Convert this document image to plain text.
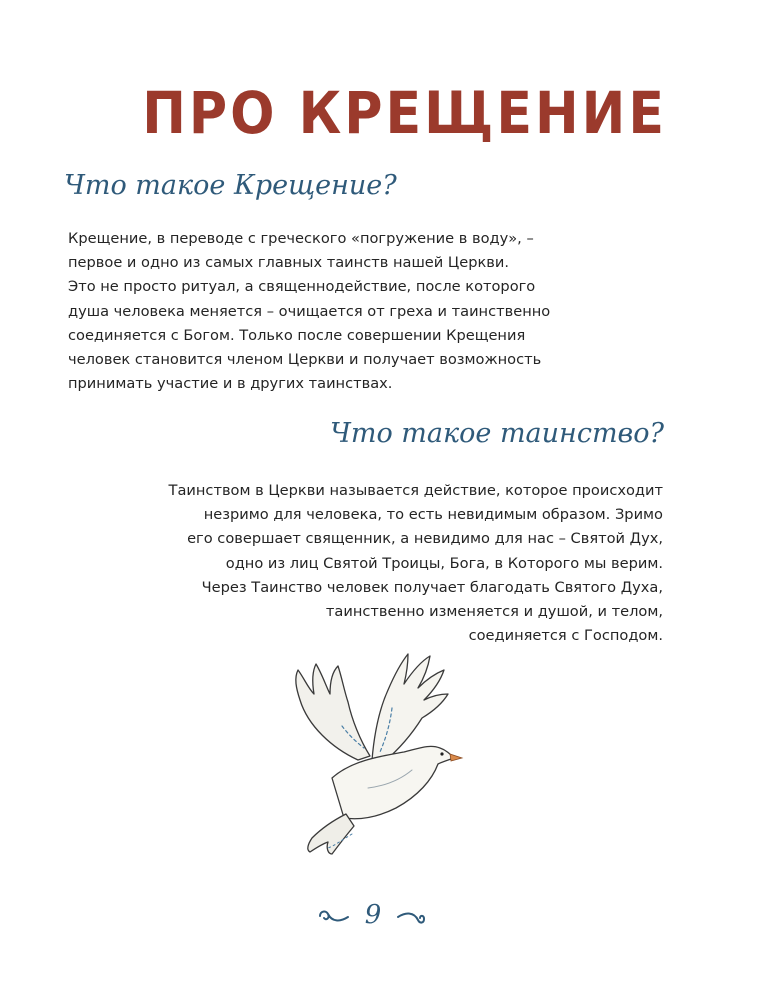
ПРО КРЕЩЕНИЕ
Что такое Крещение?

Крещение, в переводе с греческого «погружение в воду», –
первое и одно из самых главных таинств нашей Церкви.
Это не просто ритуал, а священнодействие, после которого
душа человека меняется – очищается от греха и таинственно
соединяется с Богом. Только после совершении Крещения
человек становится членом Церкви и получает возможность
принимать участие и в других таинствах.

Что такое таинство?

Таинством в Церкви называется действие, которое происходит
незримо для человека, то есть невидимым образом. Зримо
его совершает священник, а невидимо для нас – Святой Дух,
одно из лиц Святой Троицы, Бога, в Которого мы верим.
Через Таинство человек получает благодать Святого Духа,
таинственно изменяется и душой, и телом,
соединяется с Господом.

9
